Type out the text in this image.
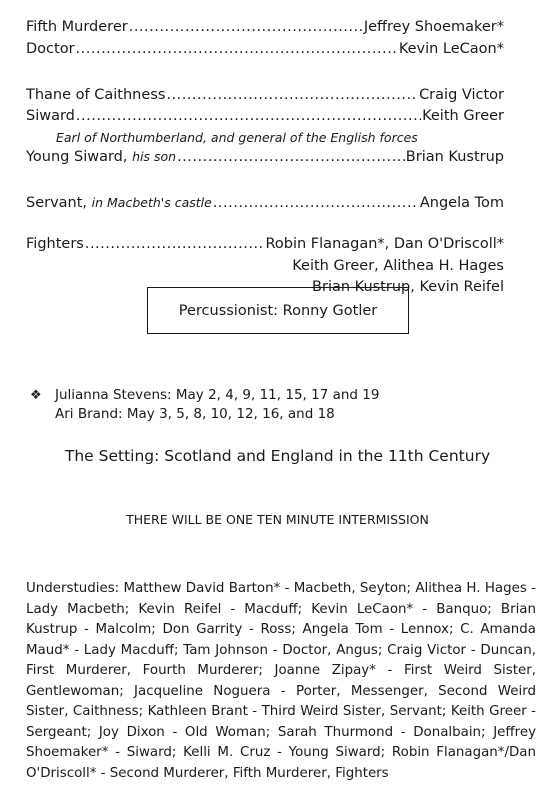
Fifth Murderer .....	Jeffrey Shoemaker*
Doctor .....	Kevin LeCaon*
Thane of Caithness .....	Craig Victor
Siward .....	Keith Greer
Earl of Northumberland, and general of the English forces
Young Siward, his son .....	Brian Kustrup
Servant, in Macbeth's castle .....	Angela Tom
Fighters .....	Robin Flanagan*, Dan O'Driscoll*
Keith Greer, Alithea H. Hages
Brian Kustrup, Kevin Reifel
Percussionist: Ronny Gotler
❖ Julianna Stevens: May 2, 4, 9, 11, 15, 17 and 19
Ari Brand: May 3, 5, 8, 10, 12, 16, and 18
The Setting: Scotland and England in the 11th Century
THERE WILL BE ONE TEN MINUTE INTERMISSION
Understudies: Matthew David Barton* - Macbeth, Seyton; Alithea H. Hages - Lady Macbeth; Kevin Reifel - Macduff; Kevin LeCaon* - Banquo; Brian Kustrup - Malcolm; Don Garrity - Ross; Angela Tom - Lennox; C. Amanda Maud* - Lady Macduff; Tam Johnson - Doctor, Angus; Craig Victor - Duncan, First Murderer, Fourth Murderer; Joanne Zipay* - First Weird Sister, Gentlewoman; Jacqueline Noguera - Porter, Messenger, Second Weird Sister, Caithness; Kathleen Brant - Third Weird Sister, Servant; Keith Greer - Sergeant; Joy Dixon - Old Woman; Sarah Thurmond - Donalbain; Jeffrey Shoemaker* - Siward; Kelli M. Cruz - Young Siward; Robin Flanagan*/Dan O'Driscoll* - Second Murderer, Fifth Murderer, Fighters
